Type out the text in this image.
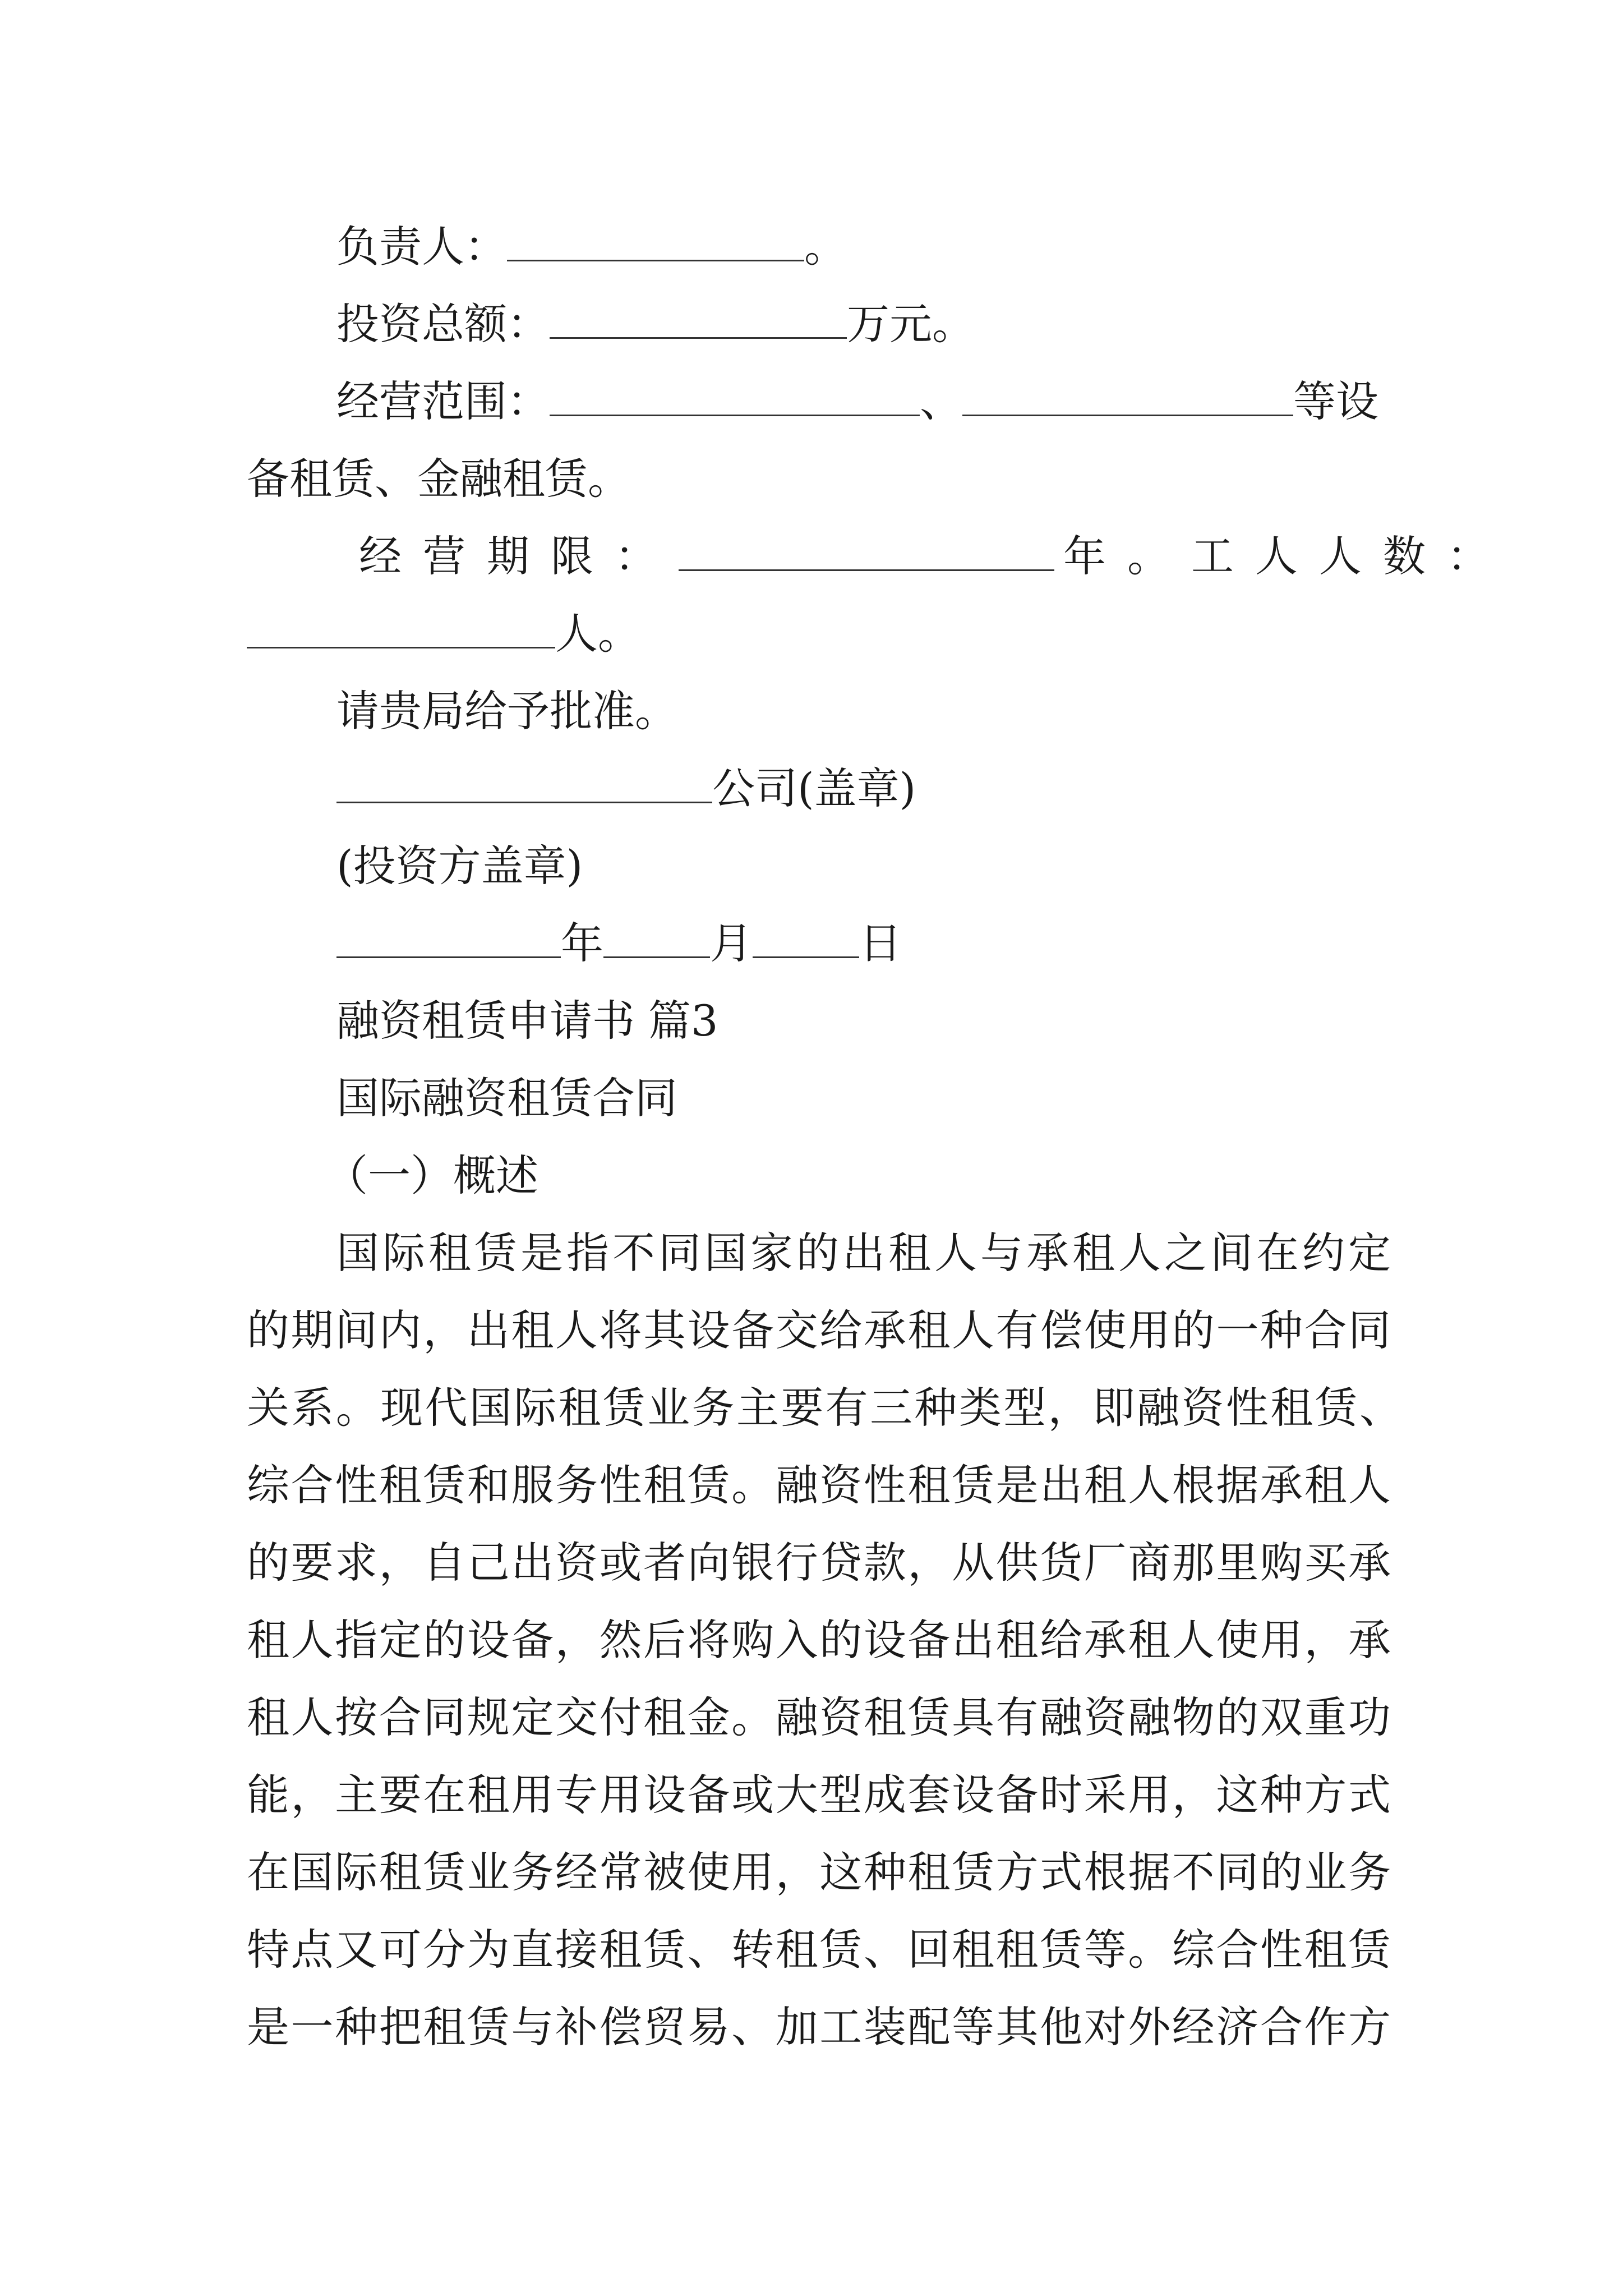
负责人：	。
投资总额：	万元。
经营范围：	、	等设
备租赁、金融租赁。
经营期限：	年。工人人数：
人。
请贵局给予批准。
公司(盖章)
(投资方盖章)
年	月	日
融资租赁申请书 篇3
国际融资租赁合同
（一）概述
国际租赁是指不同国家的出租人与承租人之间在约定
的期间内，出租人将其设备交给承租人有偿使用的一种合同
关系。现代国际租赁业务主要有三种类型，即融资性租赁、
综合性租赁和服务性租赁。融资性租赁是出租人根据承租人
的要求，自己出资或者向银行贷款，从供货厂商那里购买承
租人指定的设备，然后将购入的设备出租给承租人使用，承
租人按合同规定交付租金。融资租赁具有融资融物的双重功
能，主要在租用专用设备或大型成套设备时采用，这种方式
在国际租赁业务经常被使用，这种租赁方式根据不同的业务
特点又可分为直接租赁、转租赁、回租租赁等。综合性租赁
是一种把租赁与补偿贸易、加工装配等其他对外经济合作方
